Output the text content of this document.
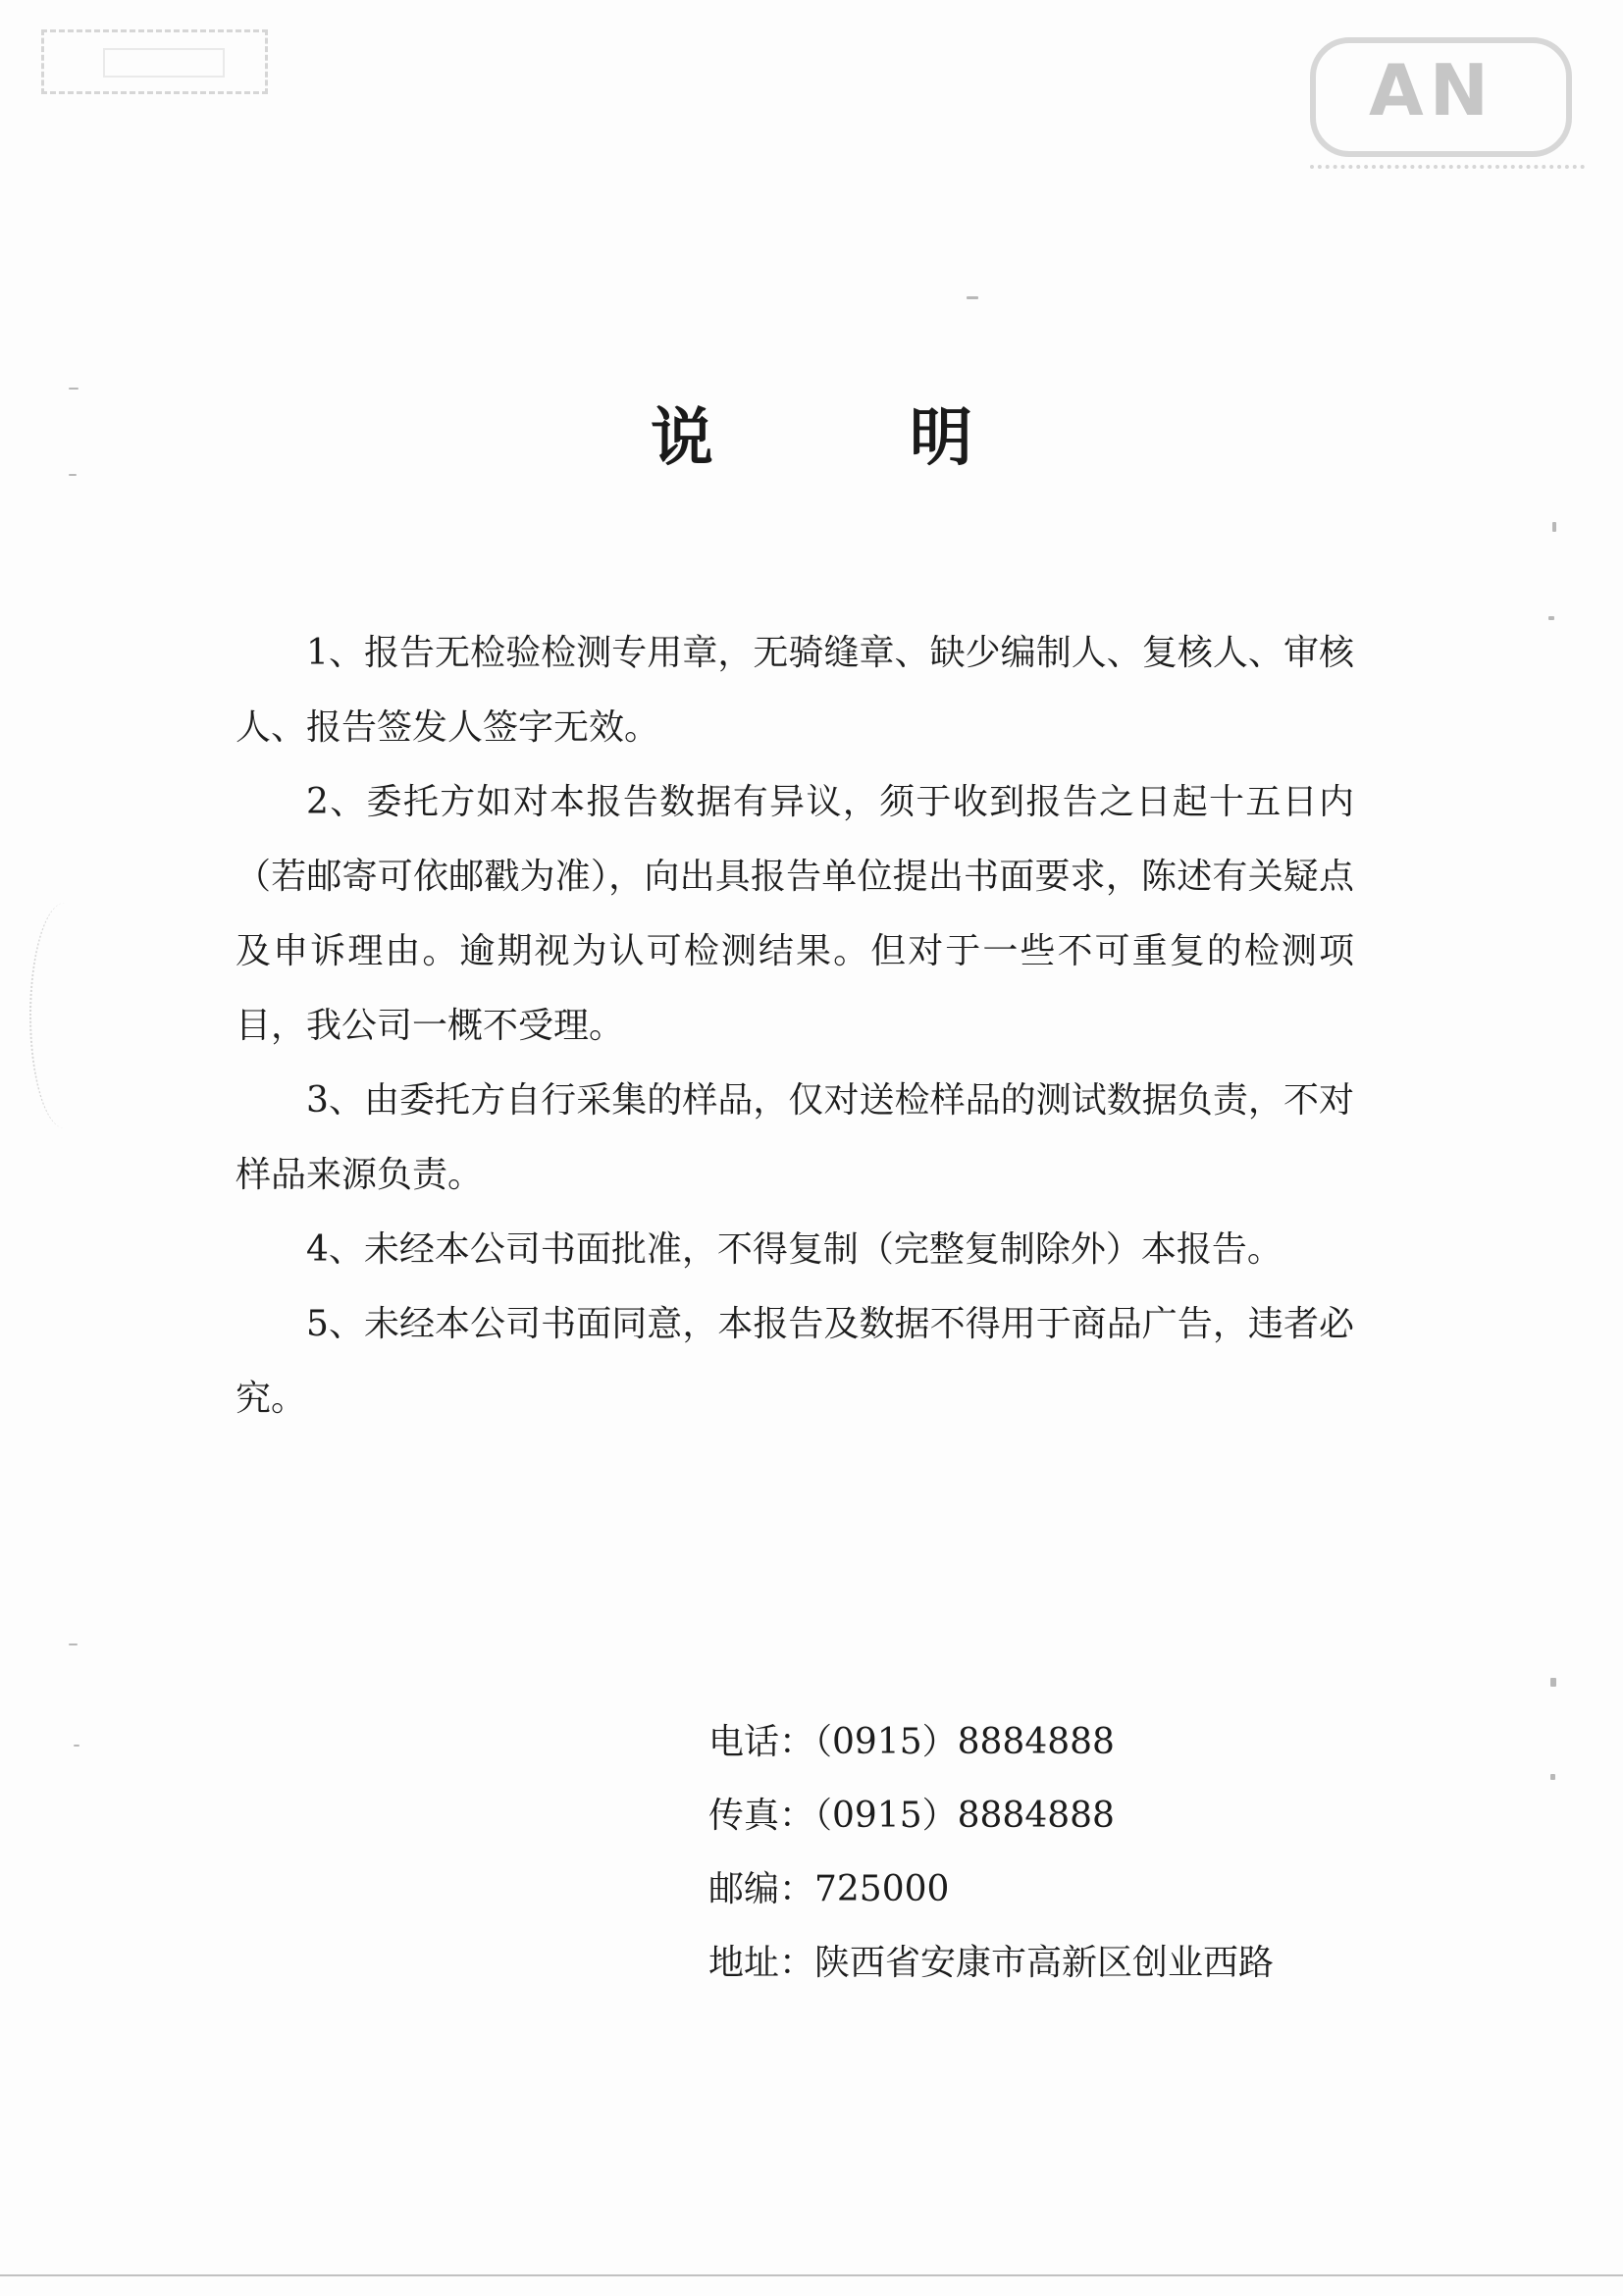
AN
说	明

1、报告无检验检测专用章，无骑缝章、缺少编制人、复核人、审核人、报告签发人签字无效。

2、委托方如对本报告数据有异议，须于收到报告之日起十五日内（若邮寄可依邮戳为准），向出具报告单位提出书面要求，陈述有关疑点及申诉理由。逾期视为认可检测结果。但对于一些不可重复的检测项目，我公司一概不受理。

3、由委托方自行采集的样品，仅对送检样品的测试数据负责，不对样品来源负责。

4、未经本公司书面批准，不得复制（完整复制除外）本报告。

5、未经本公司书面同意，本报告及数据不得用于商品广告，违者必究。

电话：（0915）8884888
传真：（0915）8884888
邮编：725000
地址：陕西省安康市高新区创业西路
